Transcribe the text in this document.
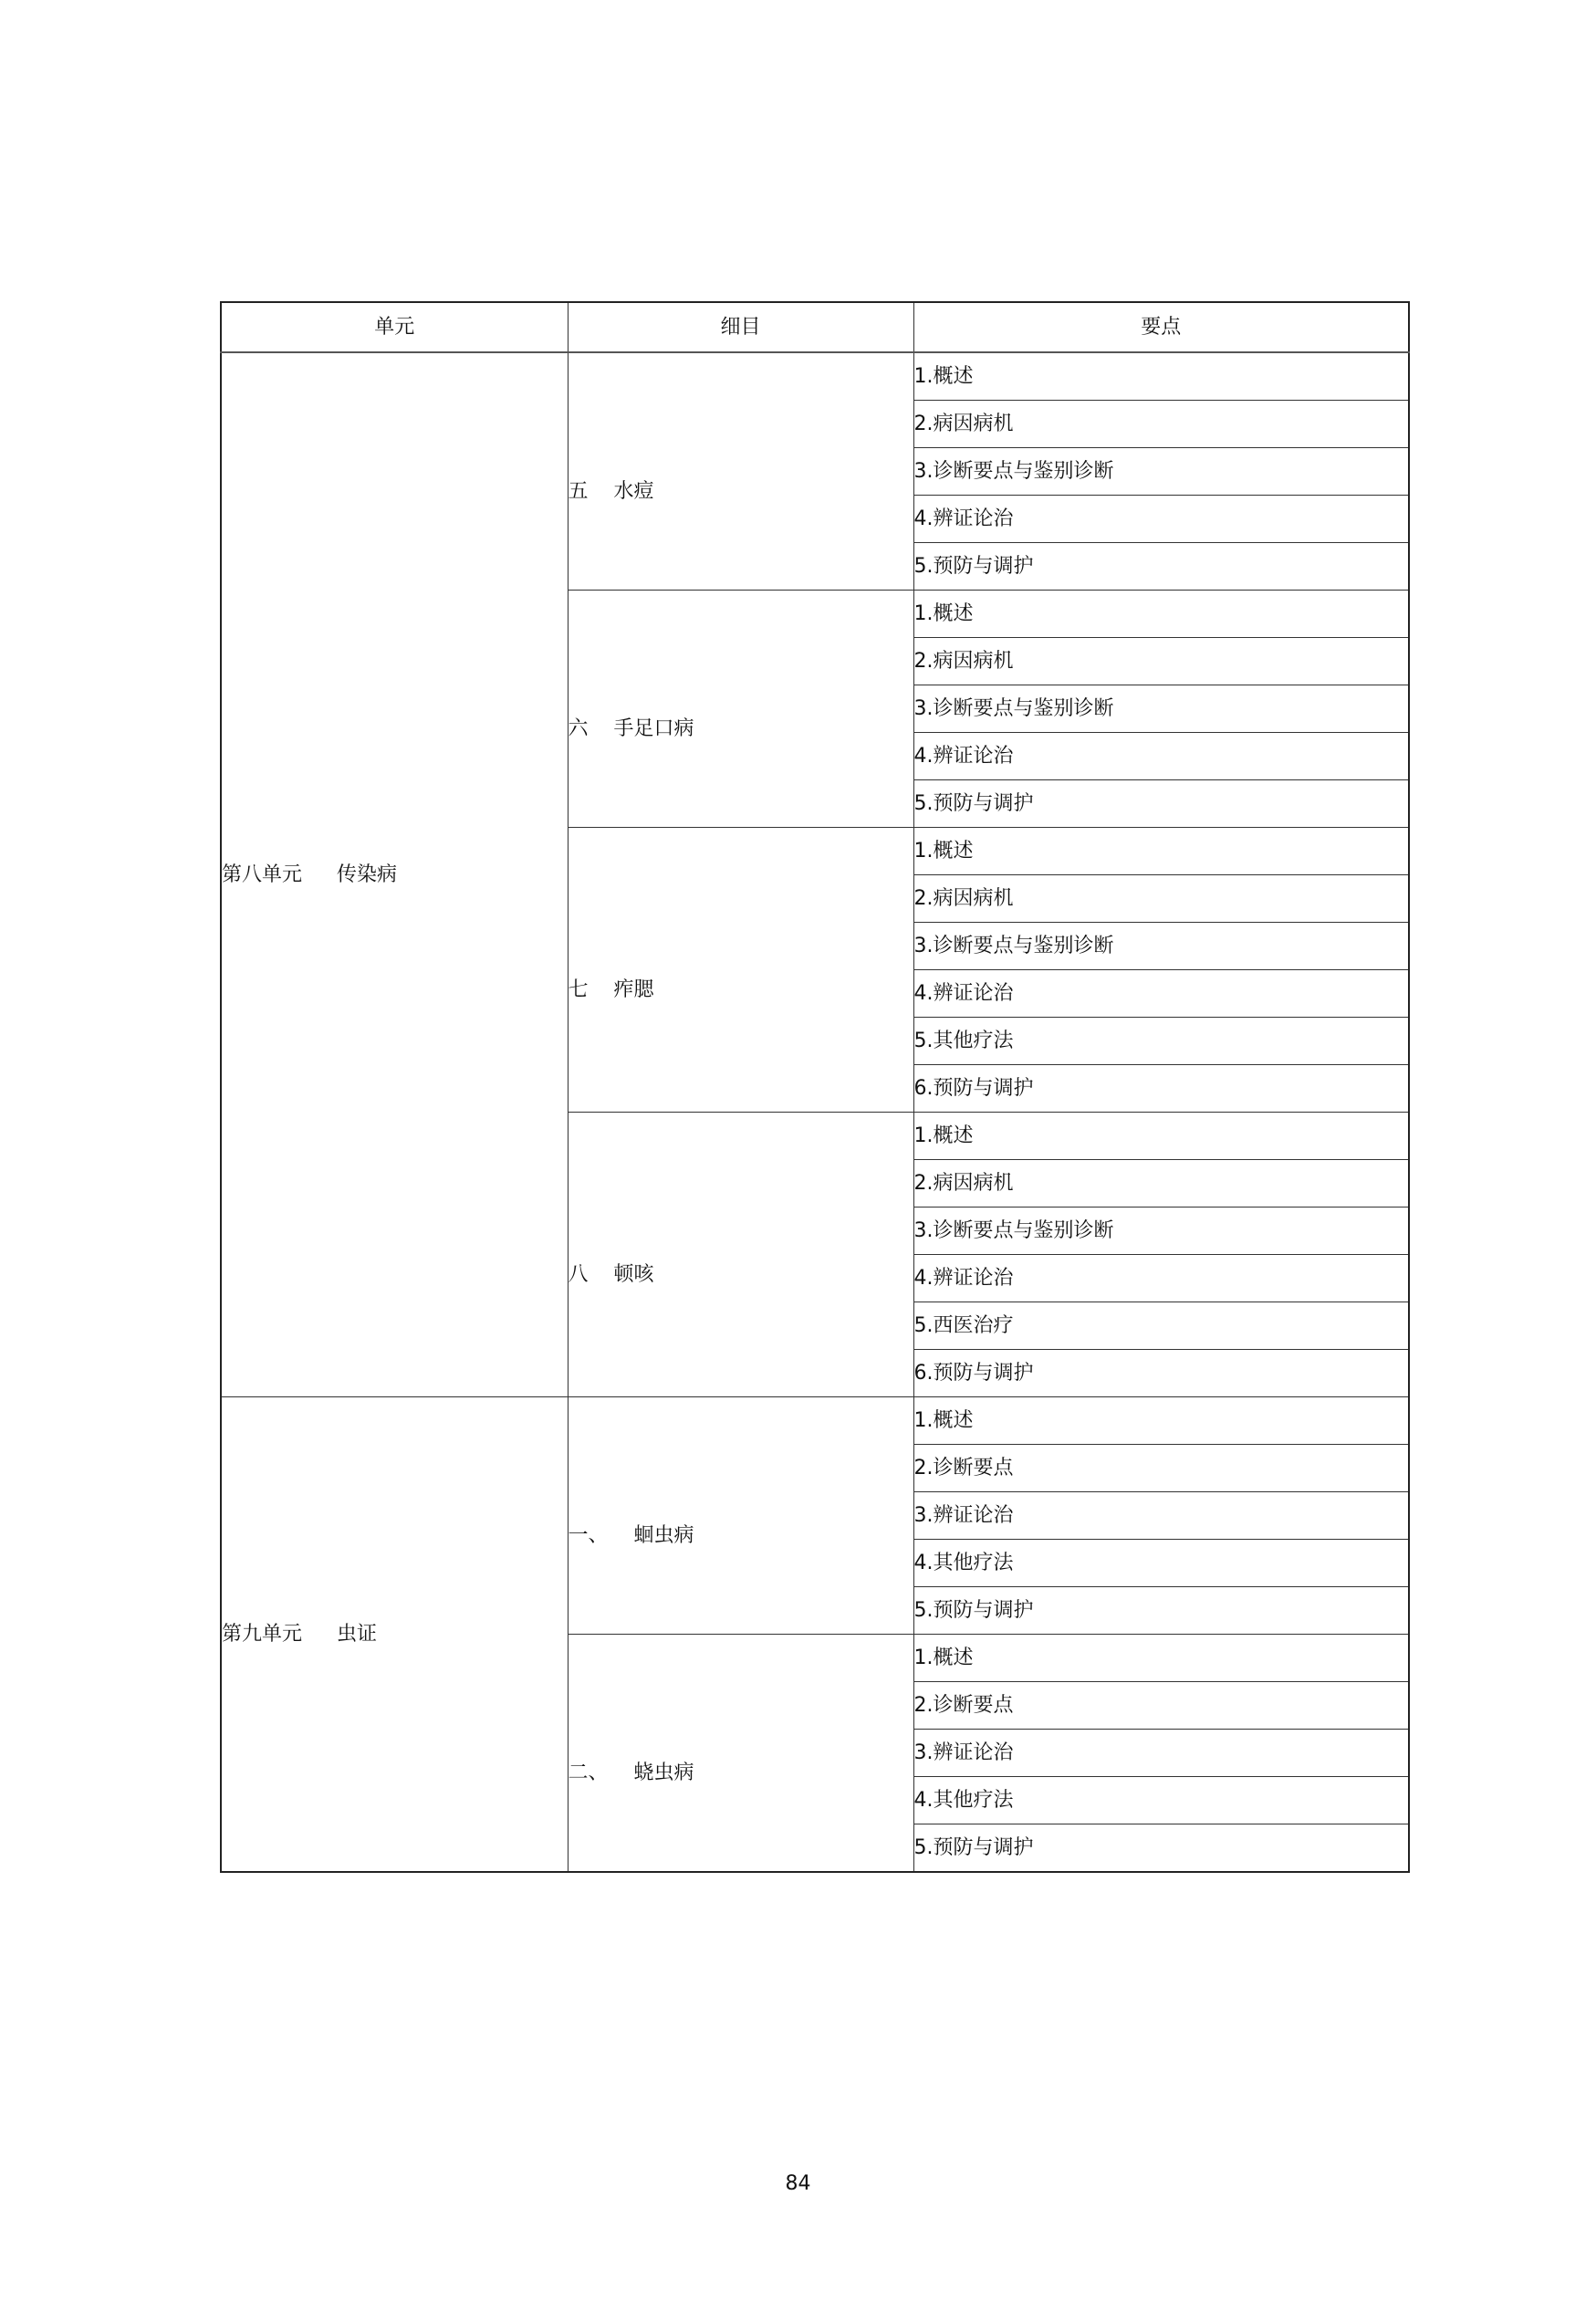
单元	细目	要点
第八单元 传染病	五 水痘	1.概述
		2.病因病机
		3.诊断要点与鉴别诊断
		4.辨证论治
		5.预防与调护

	六 手足口病	1.概述
		2.病因病机
		3.诊断要点与鉴别诊断
		4.辨证论治
		5.预防与调护

	七 痄腮	1.概述
		2.病因病机
		3.诊断要点与鉴别诊断
		4.辨证论治
		5.其他疗法
		6.预防与调护

	八 顿咳	1.概述
		2.病因病机
		3.诊断要点与鉴别诊断
		4.辨证论治
		5.西医治疗
		6.预防与调护
第九单元 虫证	一、 蛔虫病	1.概述
		2.诊断要点
		3.辨证论治
		4.其他疗法
		5.预防与调护

	二、 蛲虫病	1.概述
		2.诊断要点
		3.辨证论治
		4.其他疗法
		5.预防与调护
84
